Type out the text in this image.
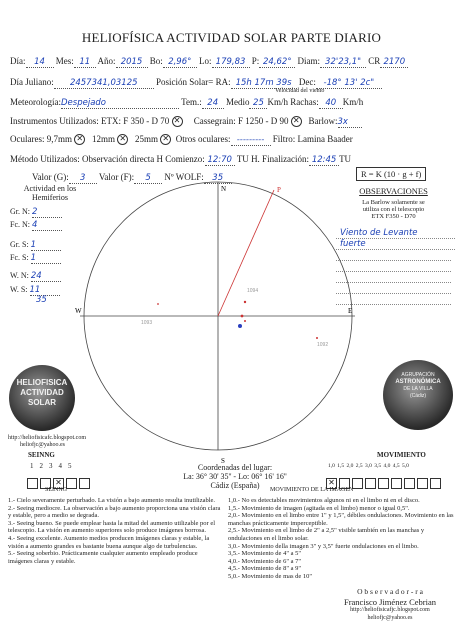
HELIOFÍSICA ACTIVIDAD SOLAR PARTE DIARIO
Día: 14 Mes: 11 Año: 2015 Bo: 2,96° Lo: 179,83 P: 24,62° Diam: 32'23,1" CR 2170
Día Juliano: 2457341,03125 Posición Solar= RA: 15h 17m 39s Dec: -18° 13' 2c"
Velocidad del viento
Meteorología:Despejado	Tem.: 24 Medio 25 Km/h Rachas: 40 Km/h
Instrumentos Utilizados: ETX: F 350 - D 70 ✕ Cassegrain: F 1250 - D 90 ✕ Barlow:3x
Oculares: 9,7mm ✕ 12mm ✕ 25mm ✕ Otros oculares: --------- Filtro: Lamina Baader
Método Utilizados: Observación directa H Comienzo: 12:70 TU H. Finalización: 12:45 TU
Valor (G): 3 Valor (F): 5 Nº WOLF: 35	R = K (10 · g + f)
Actividad en los
Hemiferios
Gr. N: 2
Fc. N: 4
Gr. S: 1
Fc. S: 1
W. N: 24
W. S: 11
35
OBSERVACIONES
La Barlow solamente se
utiliza con el telescopio
ETX F350 - D70
Viento de Levante
fuerte
N	P
S
W	E
1094
1093
1092
HELIOFISICA
ACTIVIDAD
SOLAR
http://heliofisicafc.blogspot.com
heliofjc@yahoo.es
AGRUPACIÓN
ASTRONÓMICA
DE LA VILLA
(Cádiz)
SEINNG
12345
✕
SEINNG
1.- Cielo severamente perturbado. La visión a bajo aumento resulta inutilizable.
2.- Seeing mediocre. La observación a bajo aumento proporciona una visión clara y estable, pero a medio se degrada.
3.- Seeing bueno. Se puede emplear hasta la mitad del aumento utilizable por el telescopio. La visión en aumento superiores solo produce imágenes borrosa.
4.- Seeing excelente. Aumento medios producen imágenes claras y estable, la visión a aumento grandes es bastante buena aunque algo de turbulencias.
5.- Seeing soberbio. Prácticamente cualquier aumento empleado produce imágenes claras y estable.
Coordenadas del lugar:
La: 36° 30' 35'' - Lo: 06° 16' 16''
Cádiz (España)
MOVIMIENTO
1,0 1,5 2,0 2,5 3,0 3,5 4,0 4,5 5,0
✕
MOVIMIENTO DE LA IMAGEN
1,0.- No es detectables movimientos algunos ni en el limbo ni en el disco.
1,5.- Movimiento de imagen (agitada en el limbo) menor o igual 0,5".
2,0.- Movimiento en el limbo entre 1" y 1,5", débiles ondulaciones. Movimiento en las manchas prácticamente imperceptible.
2,5.- Movimiento en el limbo de 2" a 2,5" visible también en las manchas y ondulaciones en el limbo solar.
3,0.- Movimiento della imagen 3" y 3,5" fuerte ondulaciones en el limbo.
3,5.- Movimiento de 4" a 5"
4,0.- Movimiento de 6" a 7"
4,5.- Movimiento de 8" a 9"
5,0.- Movimiento de mas de 10"
O b s e r v a d o r - r a
Francisco Jiménez Cebrian
http://heliofisicafjc.blogspot.com
heliofjc@yahoo.es
